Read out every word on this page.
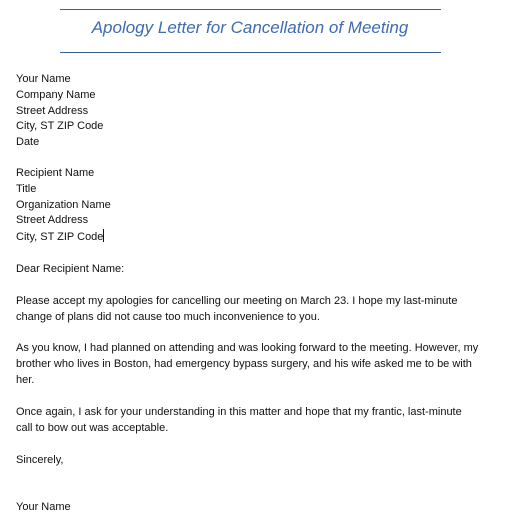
Apology Letter for Cancellation of Meeting
Your Name
Company Name
Street Address
City, ST ZIP Code
Date
Recipient Name
Title
Organization Name
Street Address
City, ST ZIP Code
Dear Recipient Name:
Please accept my apologies for cancelling our meeting on March 23. I hope my last-minute
change of plans did not cause too much inconvenience to you.
As you know, I had planned on attending and was looking forward to the meeting. However, my
brother who lives in Boston, had emergency bypass surgery, and his wife asked me to be with
her.
Once again, I ask for your understanding in this matter and hope that my frantic, last-minute
call to bow out was acceptable.
Sincerely,
Your Name
